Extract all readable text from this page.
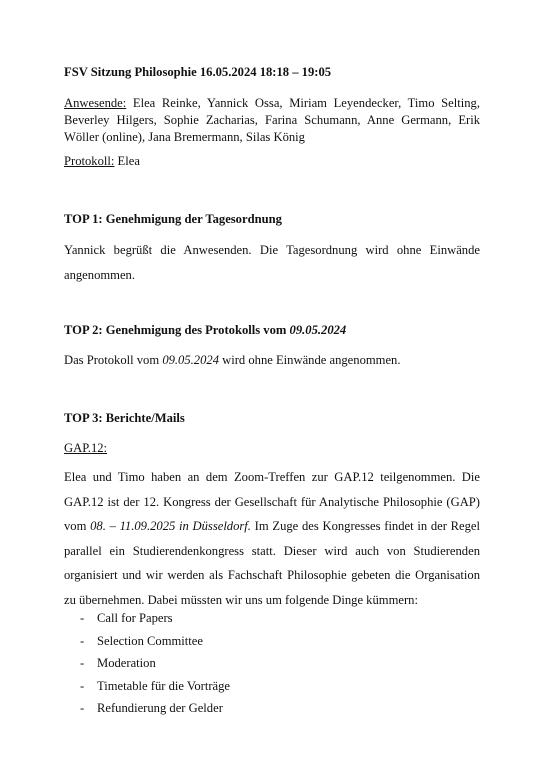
FSV Sitzung Philosophie 16.05.2024 18:18 – 19:05

Anwesende: Elea Reinke, Yannick Ossa, Miriam Leyendecker, Timo Selting, Beverley Hilgers, Sophie Zacharias, Farina Schumann, Anne Germann, Erik Wöller (online), Jana Bremermann, Silas König

Protokoll: Elea

TOP 1: Genehmigung der Tagesordnung

Yannick begrüßt die Anwesenden. Die Tagesordnung wird ohne Einwände angenommen.

TOP 2: Genehmigung des Protokolls vom 09.05.2024

Das Protokoll vom 09.05.2024 wird ohne Einwände angenommen.

TOP 3: Berichte/Mails

GAP.12:

Elea und Timo haben an dem Zoom-Treffen zur GAP.12 teilgenommen. Die GAP.12 ist der 12. Kongress der Gesellschaft für Analytische Philosophie (GAP) vom 08. – 11.09.2025 in Düsseldorf. Im Zuge des Kongresses findet in der Regel parallel ein Studierendenkongress statt. Dieser wird auch von Studierenden organisiert und wir werden als Fachschaft Philosophie gebeten die Organisation zu übernehmen. Dabei müssten wir uns um folgende Dinge kümmern:

- Call for Papers
- Selection Committee
- Moderation
- Timetable für die Vorträge
- Refundierung der Gelder
